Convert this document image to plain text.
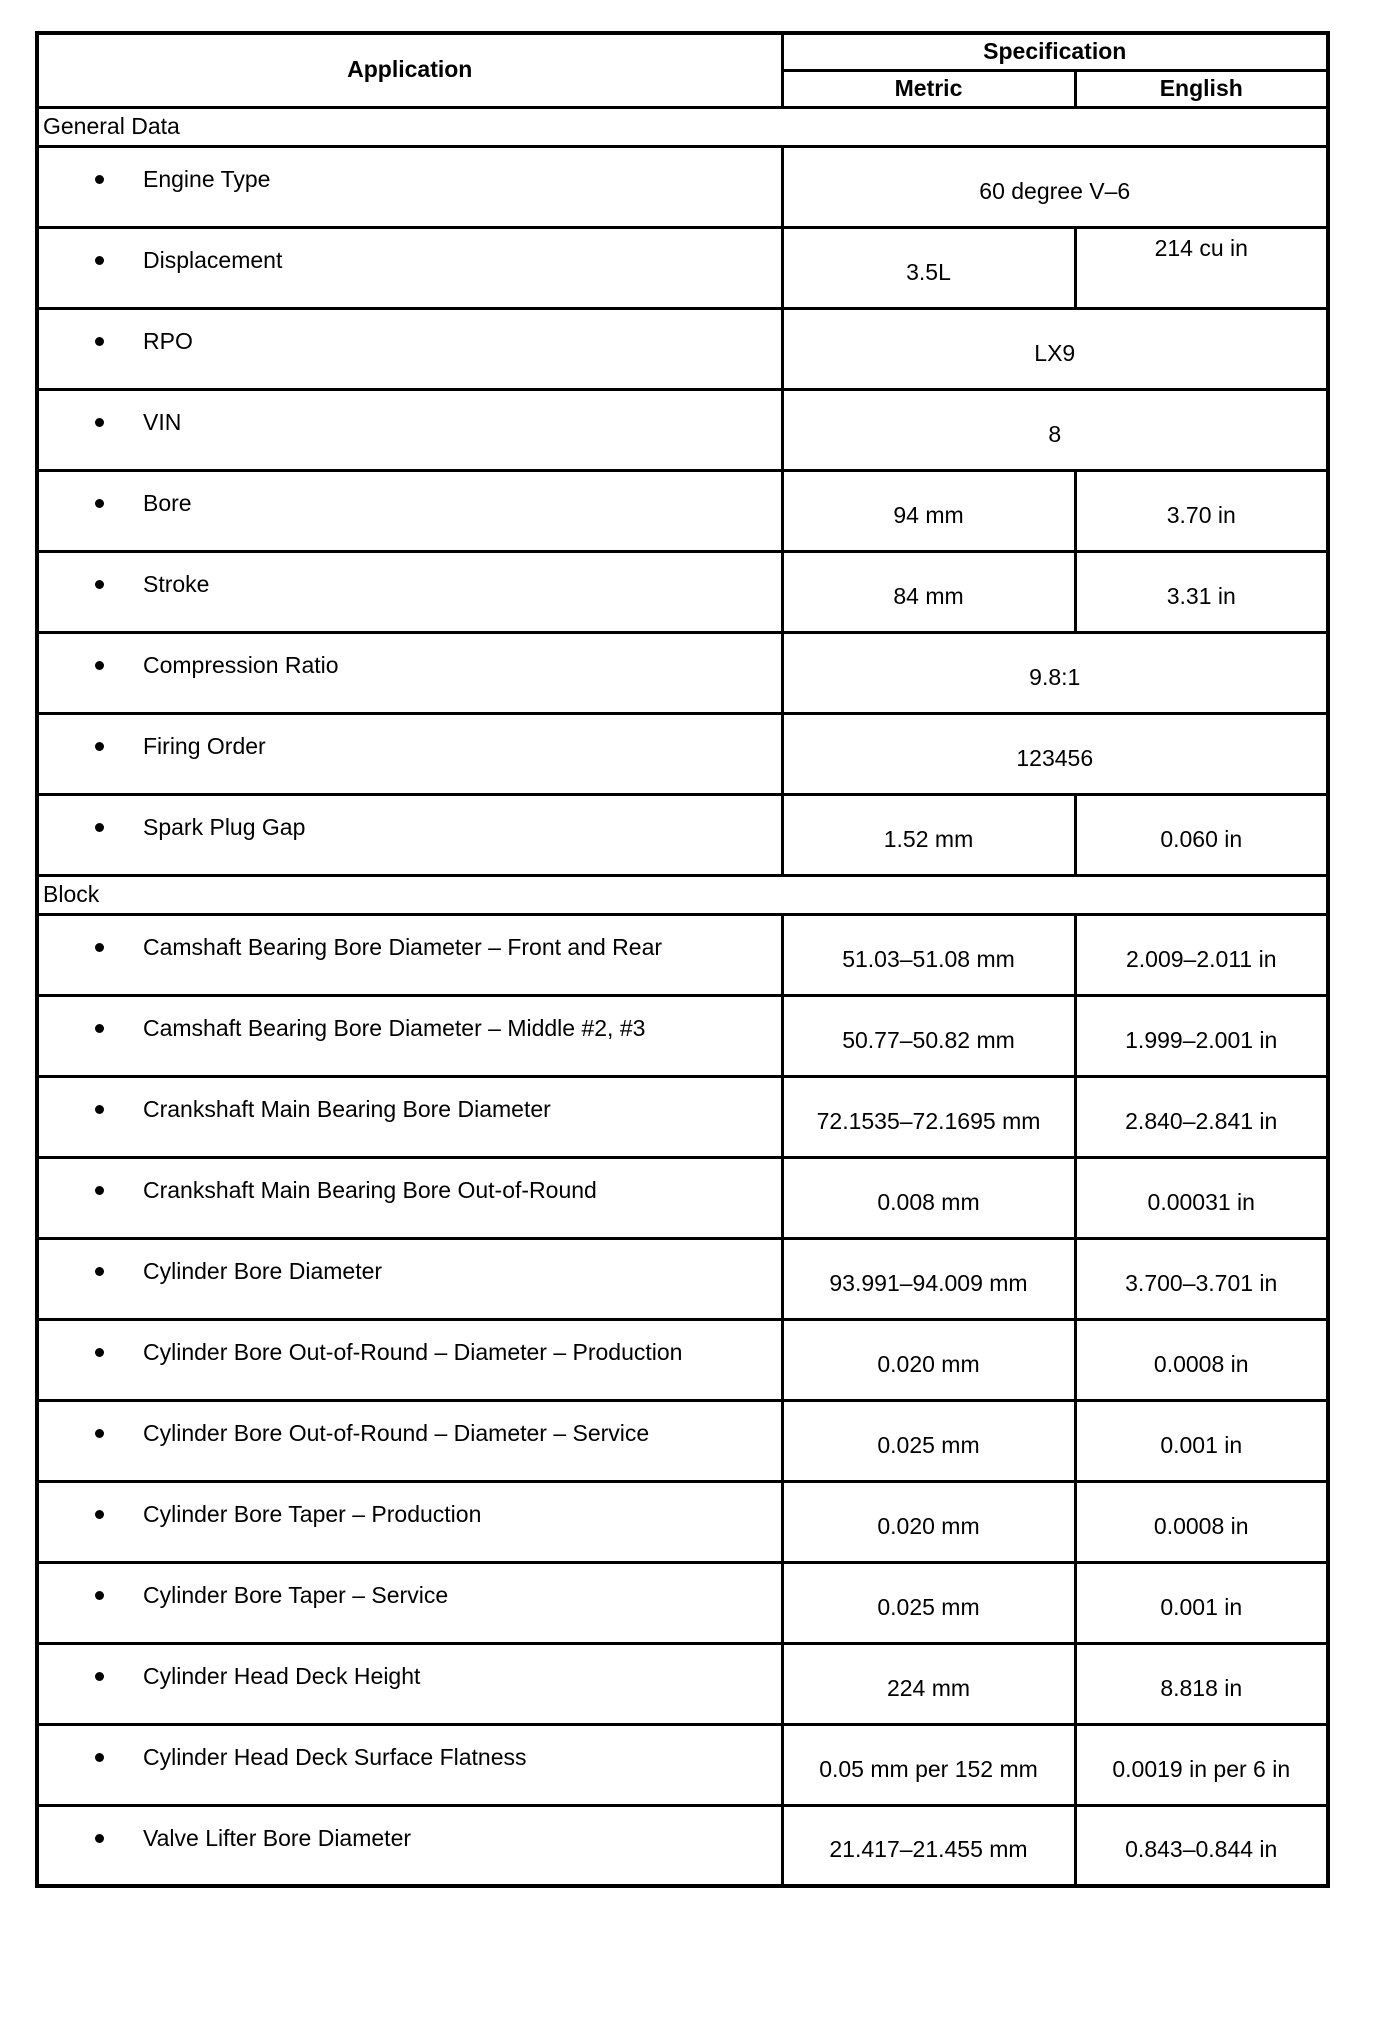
Application	Specification	
	Metric	English
General Data		

Engine Type	60 degree V–6	

Displacement	3.5L	214 cu in

RPO	LX9	

VIN	8	

Bore	94 mm	3.70 in

Stroke	84 mm	3.31 in

Compression Ratio	9.8:1	

Firing Order	123456	

Spark Plug Gap	1.52 mm	0.060 in
Block		

Camshaft Bearing Bore Diameter – Front and Rear	51.03–51.08 mm	2.009–2.011 in

Camshaft Bearing Bore Diameter – Middle #2, #3	50.77–50.82 mm	1.999–2.001 in

Crankshaft Main Bearing Bore Diameter	72.1535–72.1695 mm	2.840–2.841 in

Crankshaft Main Bearing Bore Out-of-Round	0.008 mm	0.00031 in

Cylinder Bore Diameter	93.991–94.009 mm	3.700–3.701 in

Cylinder Bore Out-of-Round – Diameter – Production	0.020 mm	0.0008 in

Cylinder Bore Out-of-Round – Diameter – Service	0.025 mm	0.001 in

Cylinder Bore Taper – Production	0.020 mm	0.0008 in

Cylinder Bore Taper – Service	0.025 mm	0.001 in

Cylinder Head Deck Height	224 mm	8.818 in

Cylinder Head Deck Surface Flatness	0.05 mm per 152 mm	0.0019 in per 6 in

Valve Lifter Bore Diameter	21.417–21.455 mm	0.843–0.844 in
